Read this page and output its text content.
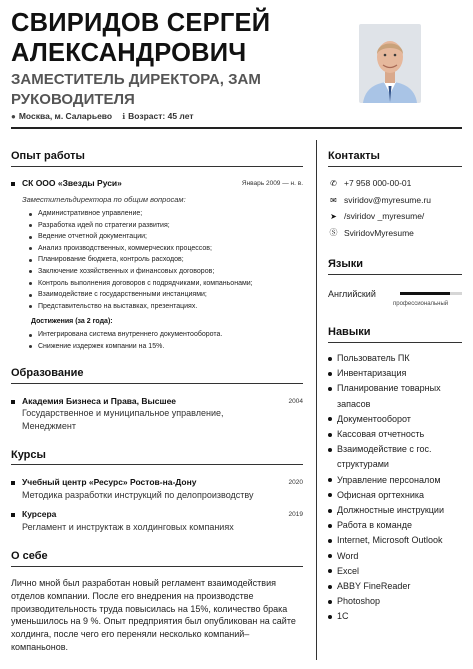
СВИРИДОВ СЕРГЕЙ
АЛЕКСАНДРОВИЧ
ЗАМЕСТИТЕЛЬ ДИРЕКТОРА, ЗАМ
РУКОВОДИТЕЛЯ
● Москва, м. Саларьево ℹ Возраст: 45 лет
Опыт работы
СК ООО «Звезды Руси»	Январь 2009 — н. в.
Заместительдиректора по общим вопросам:
Административное управление;
Разработка идей по стратегии развития;
Ведение отчетной документации;
Анализ производственных, коммерческих процессов;
Планирование бюджета, контроль расходов;
Заключение хозяйственных и финансовых договоров;
Контроль выполнения договоров с подрядчиками, компаньонами;
Взаимодействие с государственными инстанциями;
Представительство на выставках, презентациях.
Достижения (за 2 года):
Интегрирована система внутреннего документооборота.
Снижение издержек компании на 15%.
Образование
Академия Бизнеса и Права, Высшее	2004
Государственное и муниципальное управление, Менеджмент
Курсы
Учебный центр «Ресурс» Ростов-на-Дону	2020
Методика разработки инструкций по делопроизводству
Курсера	2019
Регламент и инструктаж в холдинговых компаниях
О себе
Лично мной был разработан новый регламент взаимодействия отделов компании. После его внедрения на производстве производительность труда повысилась на 15%, количество брака уменьшилось на 9 %. Опыт предприятия был опубликован на сайте холдинга, после чего его переняли несколько компаний–компаньонов.
Контакты
✆ +7 958 000-00-01
✉ sviridov@myresume.ru
➤ /sviridov _myresume/
Ⓢ SviridovMyresume
Языки
Английский
профессиональный
Навыки
Пользователь ПК
Инвентаризация
Планирование товарных запасов
Документооборот
Кассовая отчетность
Взаимодействие с гос. структурами
Управление персоналом
Офисная оргтехника
Должностные инструкции
Работа в команде
Internet, Microsoft Outlook
Word
Excel
ABBY FineReader
Photoshop
1С
